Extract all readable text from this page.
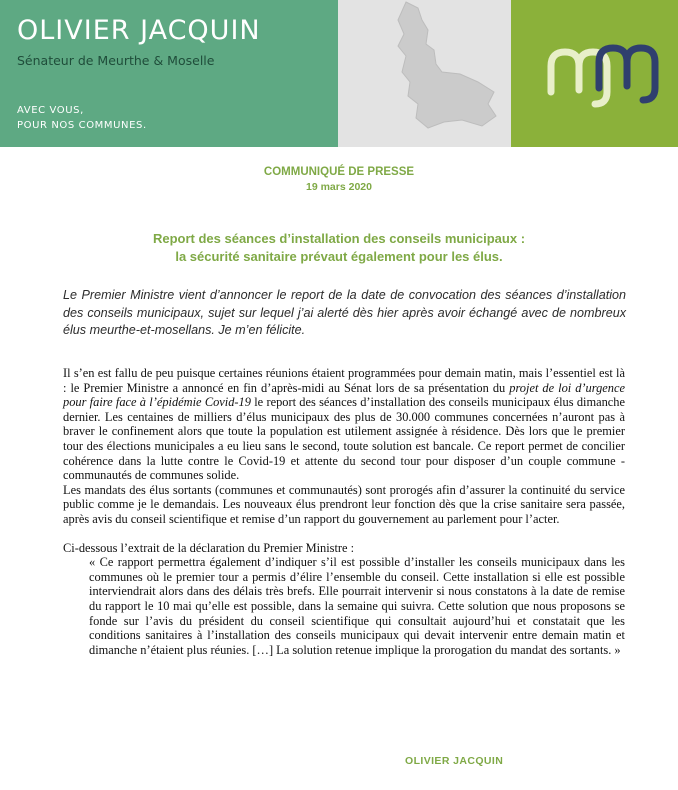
OLIVIER JACQUIN
Sénateur de Meurthe & Moselle
AVEC VOUS,
POUR NOS COMMUNES.
COMMUNIQUÉ DE PRESSE
19 mars 2020
Report des séances d’installation des conseils municipaux :
la sécurité sanitaire prévaut également pour les élus.
Le Premier Ministre vient d’annoncer le report de la date de convocation des séances d’installation des conseils municipaux, sujet sur lequel j’ai alerté dès hier après avoir échangé avec de nombreux élus meurthe-et-mosellans. Je m’en félicite.

Il s’en est fallu de peu puisque certaines réunions étaient programmées pour demain matin, mais l’essentiel est là : le Premier Ministre a annoncé en fin d’après-midi au Sénat lors de sa présentation du projet de loi d’urgence pour faire face à l’épidémie Covid-19 le report des séances d’installation des conseils municipaux élus dimanche dernier. Les centaines de milliers d’élus municipaux des plus de 30.000 communes concernées n’auront pas à braver le confinement alors que toute la population est utilement assignée à résidence. Dès lors que le premier tour des élections municipales a eu lieu sans le second, toute solution est bancale. Ce report permet de concilier cohérence dans la lutte contre le Covid-19 et attente du second tour pour disposer d’un couple commune - communautés de communes solide.

Les mandats des élus sortants (communes et communautés) sont prorogés afin d’assurer la continuité du service public comme je le demandais. Les nouveaux élus prendront leur fonction dès que la crise sanitaire sera passée, après avis du conseil scientifique et remise d’un rapport du gouvernement au parlement pour l’acter.

Ci-dessous l’extrait de la déclaration du Premier Ministre :

« Ce rapport permettra également d’indiquer s’il est possible d’installer les conseils municipaux dans les communes où le premier tour a permis d’élire l’ensemble du conseil. Cette installation si elle est possible interviendrait alors dans des délais très brefs. Elle pourrait intervenir si nous constatons à la date de remise du rapport le 10 mai qu’elle est possible, dans la semaine qui suivra. Cette solution que nous proposons se fonde sur l’avis du président du conseil scientifique qui consultait aujourd’hui et constatait que les conditions sanitaires à l’installation des conseils municipaux qui devait intervenir entre demain matin et dimanche n’étaient plus réunies. […] La solution retenue implique la prorogation du mandat des sortants. »

OLIVIER JACQUIN
